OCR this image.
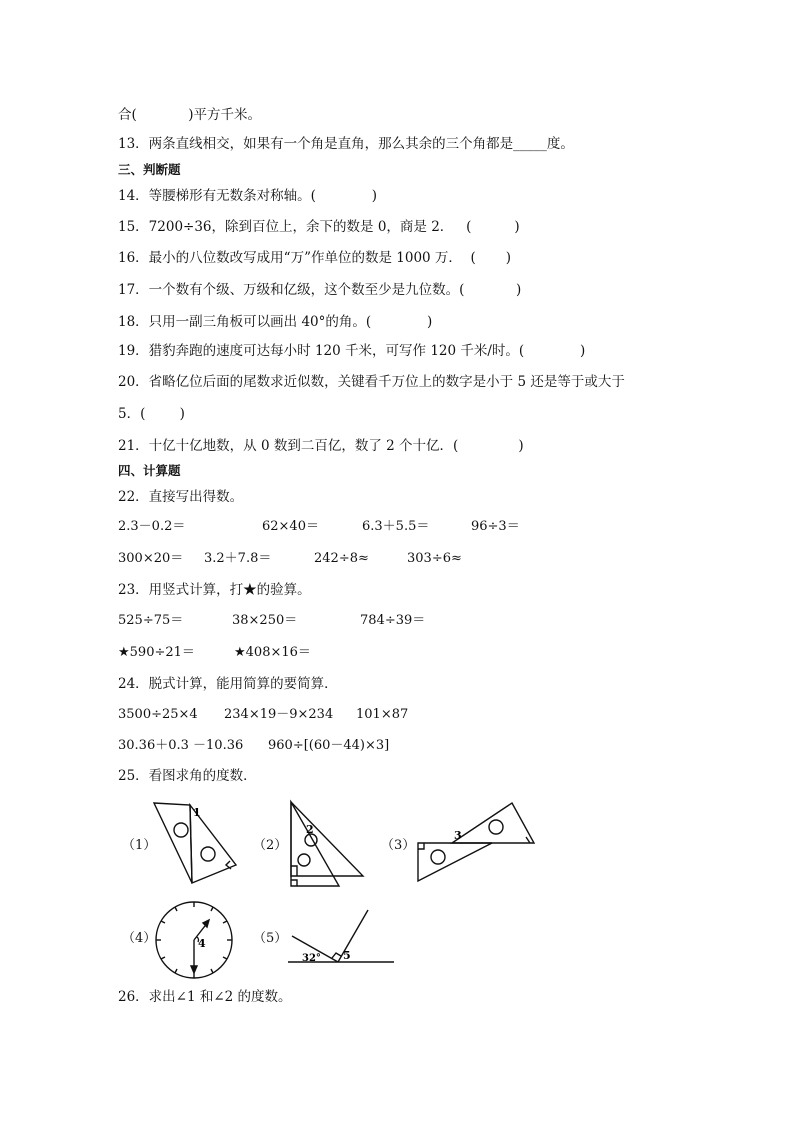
合(            )平方千米。
13．两条直线相交，如果有一个角是直角，那么其余的三个角都是_____度。
三、判断题
14．等腰梯形有无数条对称轴。(             )
15．7200÷36，除到百位上，余下的数是 0，商是 2．   (          )
16．最小的八位数改写成用“万”作单位的数是 1000 万．  (       )
17．一个数有个级、万级和亿级，这个数至少是九位数。(            )
18．只用一副三角板可以画出 40°的角。(             )
19．猎豹奔跑的速度可达每小时 120 千米，可写作 120 千米/时。(             )
20．省略亿位后面的尾数求近似数，关键看千万位上的数字是小于 5 还是等于或大于
5．(        )
21．十亿十亿地数，从 0 数到二百亿，数了 2 个十亿．(              )
四、计算题
22．直接写出得数。
2.3－0.2＝	62×40＝	6.3＋5.5＝	96÷3＝
300×20＝ 3.2＋7.8＝	242÷8≈	303÷6≈
23．用竖式计算，打★的验算。
525÷75＝	38×250＝	784÷39＝
★590÷21＝	★408×16＝
24．脱式计算，能用简算的要简算．
3500÷25×4 234×19－9×234 101×87
30.36＋0.3 －10.36 960÷[(60－44)×3]
25．看图求角的度数．
（1）	（2）	（3）
（4）	（5）
1
2	3
4
32° 5
26．求出∠1 和∠2 的度数。
